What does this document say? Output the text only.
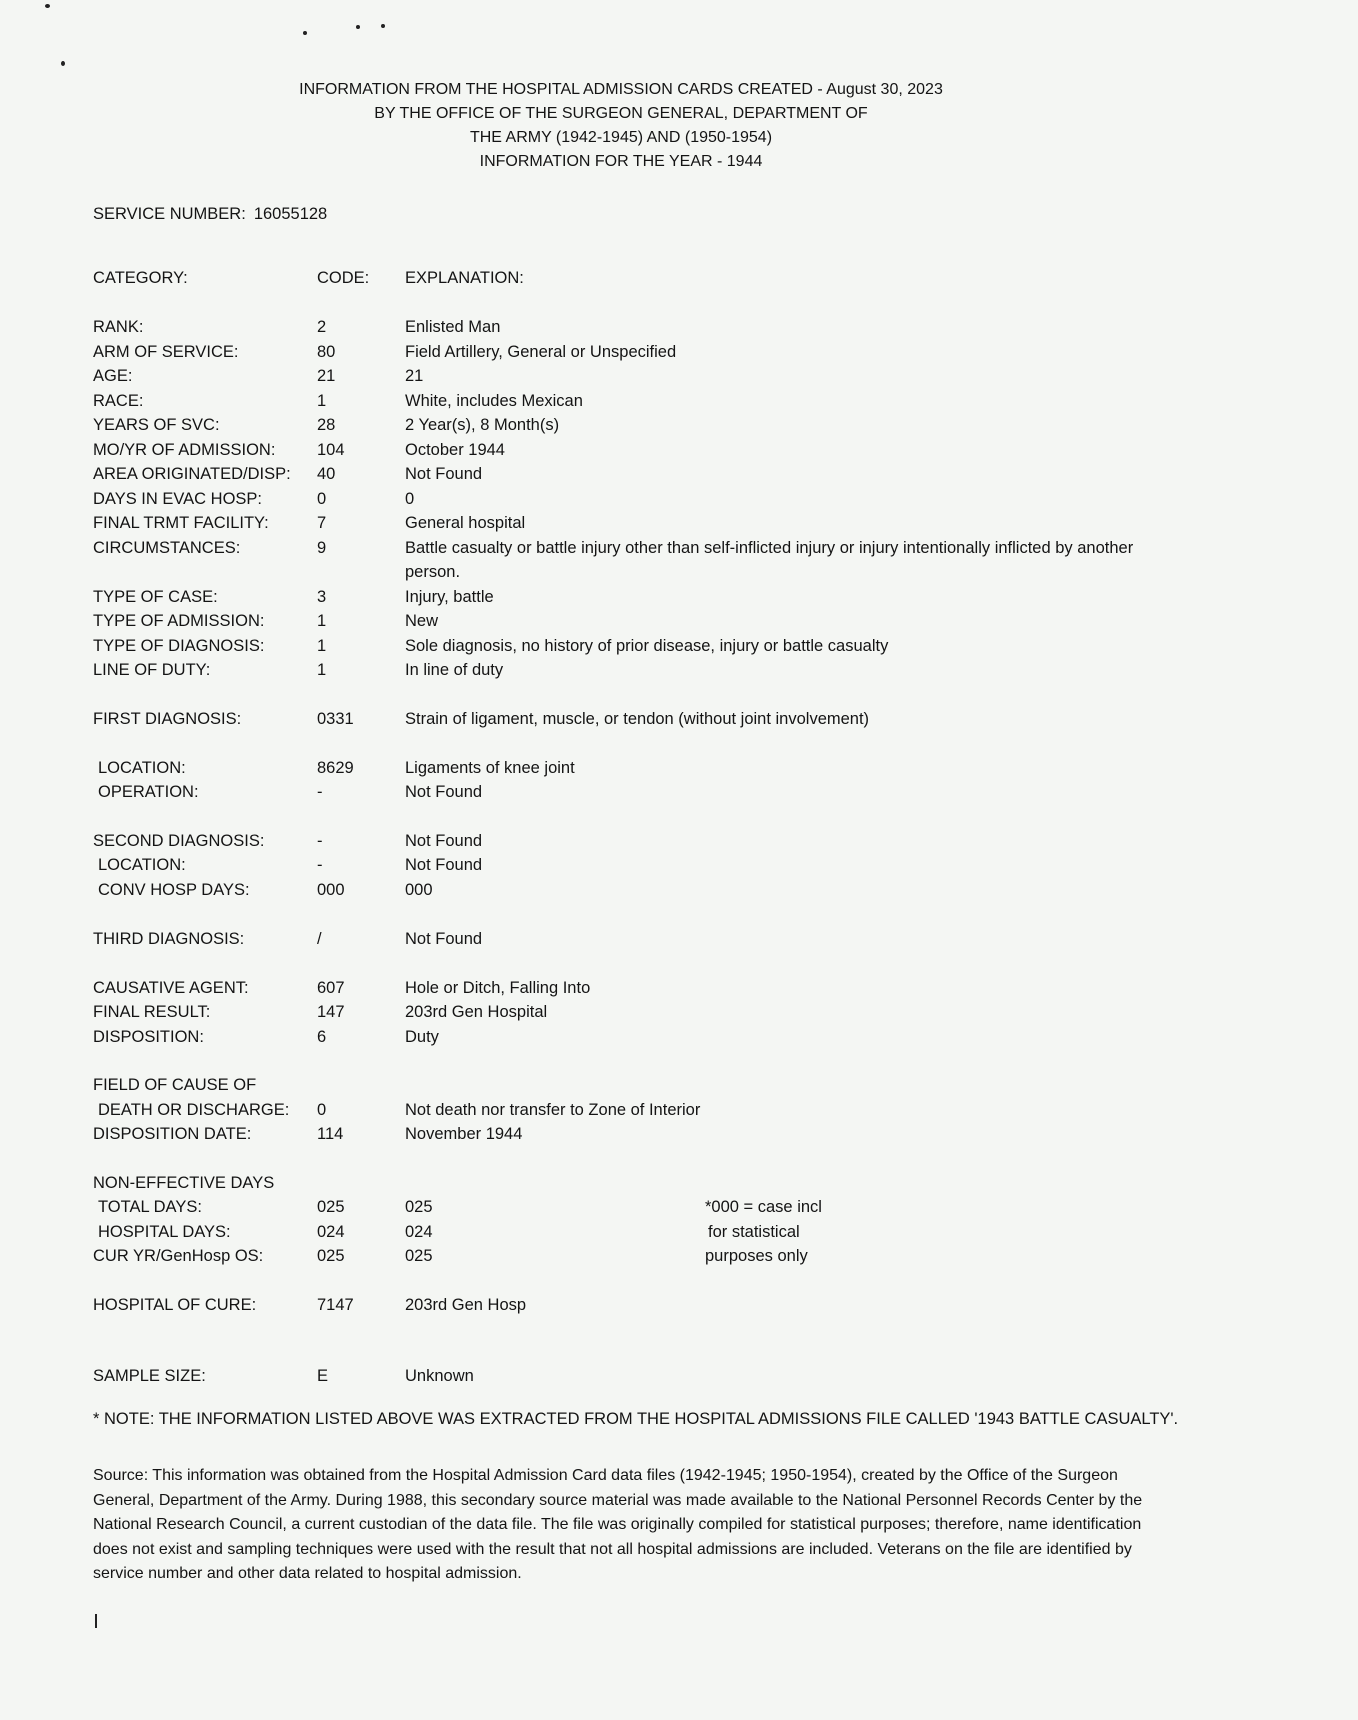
INFORMATION FROM THE HOSPITAL ADMISSION CARDS CREATED - August 30, 2023
BY THE OFFICE OF THE SURGEON GENERAL, DEPARTMENT OF
THE ARMY (1942-1945) AND (1950-1954)
INFORMATION FOR THE YEAR - 1944
SERVICE NUMBER: 16055128
CATEGORY:	CODE: EXPLANATION:
RANK:	2	Enlisted Man
ARM OF SERVICE:	80	Field Artillery, General or Unspecified
AGE:	21	21
RACE:	1	White, includes Mexican
YEARS OF SVC:	28	2 Year(s), 8 Month(s)
MO/YR OF ADMISSION:	104	October 1944
AREA ORIGINATED/DISP: 40	Not Found
DAYS IN EVAC HOSP:	0	0
FINAL TRMT FACILITY:	7	General hospital
CIRCUMSTANCES:	9	Battle casualty or battle injury other than self-inflicted injury or injury intentionally inflicted by another person.
TYPE OF CASE:	3	Injury, battle
TYPE OF ADMISSION:	1	New
TYPE OF DIAGNOSIS:	1	Sole diagnosis, no history of prior disease, injury or battle casualty
LINE OF DUTY:	1	In line of duty
FIRST DIAGNOSIS:	0331	Strain of ligament, muscle, or tendon (without joint involvement)
LOCATION:	8629	Ligaments of knee joint
OPERATION:	-	Not Found
SECOND DIAGNOSIS:	-	Not Found
LOCATION:	-	Not Found
CONV HOSP DAYS:	000	000
THIRD DIAGNOSIS:	/	Not Found
CAUSATIVE AGENT:	607	Hole or Ditch, Falling Into
FINAL RESULT:	147	203rd Gen Hospital
DISPOSITION:	6	Duty
FIELD OF CAUSE OF
DEATH OR DISCHARGE: 0	Not death nor transfer to Zone of Interior
DISPOSITION DATE:	114	November 1944
NON-EFFECTIVE DAYS
TOTAL DAYS:	025	025	*000 = case incl
HOSPITAL DAYS:	024	024	for statistical
CUR YR/GenHosp OS:	025	025	purposes only
HOSPITAL OF CURE:	7147	203rd Gen Hosp
SAMPLE SIZE:	E	Unknown
* NOTE: THE INFORMATION LISTED ABOVE WAS EXTRACTED FROM THE HOSPITAL ADMISSIONS FILE CALLED '1943 BATTLE CASUALTY'.
Source: This information was obtained from the Hospital Admission Card data files (1942-1945; 1950-1954), created by the Office of the Surgeon General, Department of the Army. During 1988, this secondary source material was made available to the National Personnel Records Center by the National Research Council, a current custodian of the data file. The file was originally compiled for statistical purposes; therefore, name identification does not exist and sampling techniques were used with the result that not all hospital admissions are included. Veterans on the file are identified by service number and other data related to hospital admission.
